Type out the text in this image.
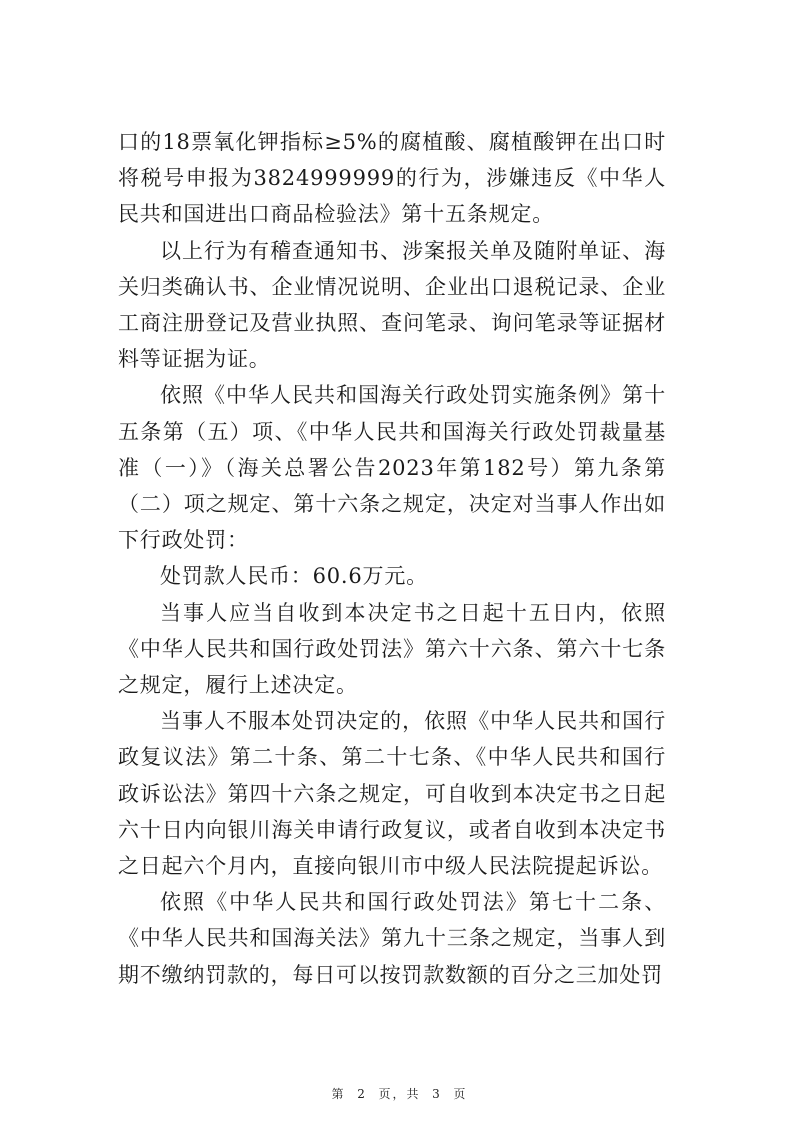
口的18票氧化钾指标≥5%的腐植酸、腐植酸钾在出口时将税号申报为3824999999的行为，涉嫌违反《中华人民共和国进出口商品检验法》第十五条规定。

以上行为有稽查通知书、涉案报关单及随附单证、海关归类确认书、企业情况说明、企业出口退税记录、企业工商注册登记及营业执照、查问笔录、询问笔录等证据材料等证据为证。

依照《中华人民共和国海关行政处罚实施条例》第十五条第（五）项、《中华人民共和国海关行政处罚裁量基准（一）》（海关总署公告2023年第182号）第九条第（二）项之规定、第十六条之规定，决定对当事人作出如下行政处罚：

处罚款人民币：60.6万元。

当事人应当自收到本决定书之日起十五日内，依照《中华人民共和国行政处罚法》第六十六条、第六十七条之规定，履行上述决定。

当事人不服本处罚决定的，依照《中华人民共和国行政复议法》第二十条、第二十七条、《中华人民共和国行政诉讼法》第四十六条之规定，可自收到本决定书之日起六十日内向银川海关申请行政复议，或者自收到本决定书之日起六个月内，直接向银川市中级人民法院提起诉讼。

依照《中华人民共和国行政处罚法》第七十二条、《中华人民共和国海关法》第九十三条之规定，当事人到期不缴纳罚款的，每日可以按罚款数额的百分之三加处罚

第 2 页，共 3 页
